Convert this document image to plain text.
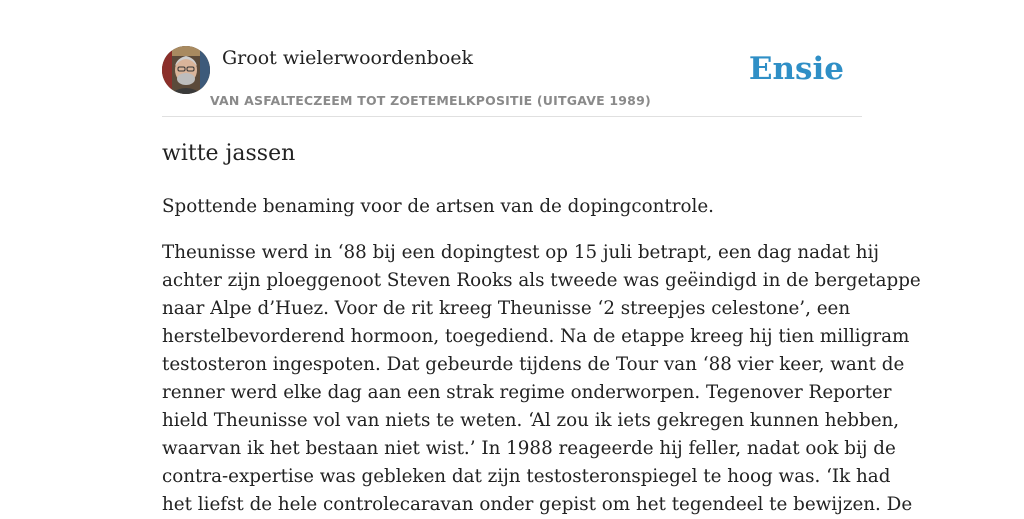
Groot wielerwoordenboek
VAN ASFALTECZEEM TOT ZOETEMELKPOSITIE (UITGAVE 1989)
Ensie
witte jassen

Spottende benaming voor de artsen van de dopingcontrole.

Theunisse werd in ‘88 bij een dopingtest op 15 juli betrapt, een dag nadat hij
achter zijn ploeggenoot Steven Rooks als tweede was geëindigd in de bergetappe
naar Alpe d’Huez. Voor de rit kreeg Theunisse ‘2 streepjes celestone’, een
herstelbevorderend hormoon, toegediend. Na de etappe kreeg hij tien milligram
testosteron ingespoten. Dat gebeurde tijdens de Tour van ‘88 vier keer, want de
renner werd elke dag aan een strak regime onderworpen. Tegenover Reporter
hield Theunisse vol van niets te weten. ‘Al zou ik iets gekregen kunnen hebben,
waarvan ik het bestaan niet wist.’ In 1988 reageerde hij feller, nadat ook bij de
contra-expertise was gebleken dat zijn testosteronspiegel te hoog was. ‘Ik had
het liefst de hele controlecaravan onder gepist om het tegendeel te bewijzen. De
